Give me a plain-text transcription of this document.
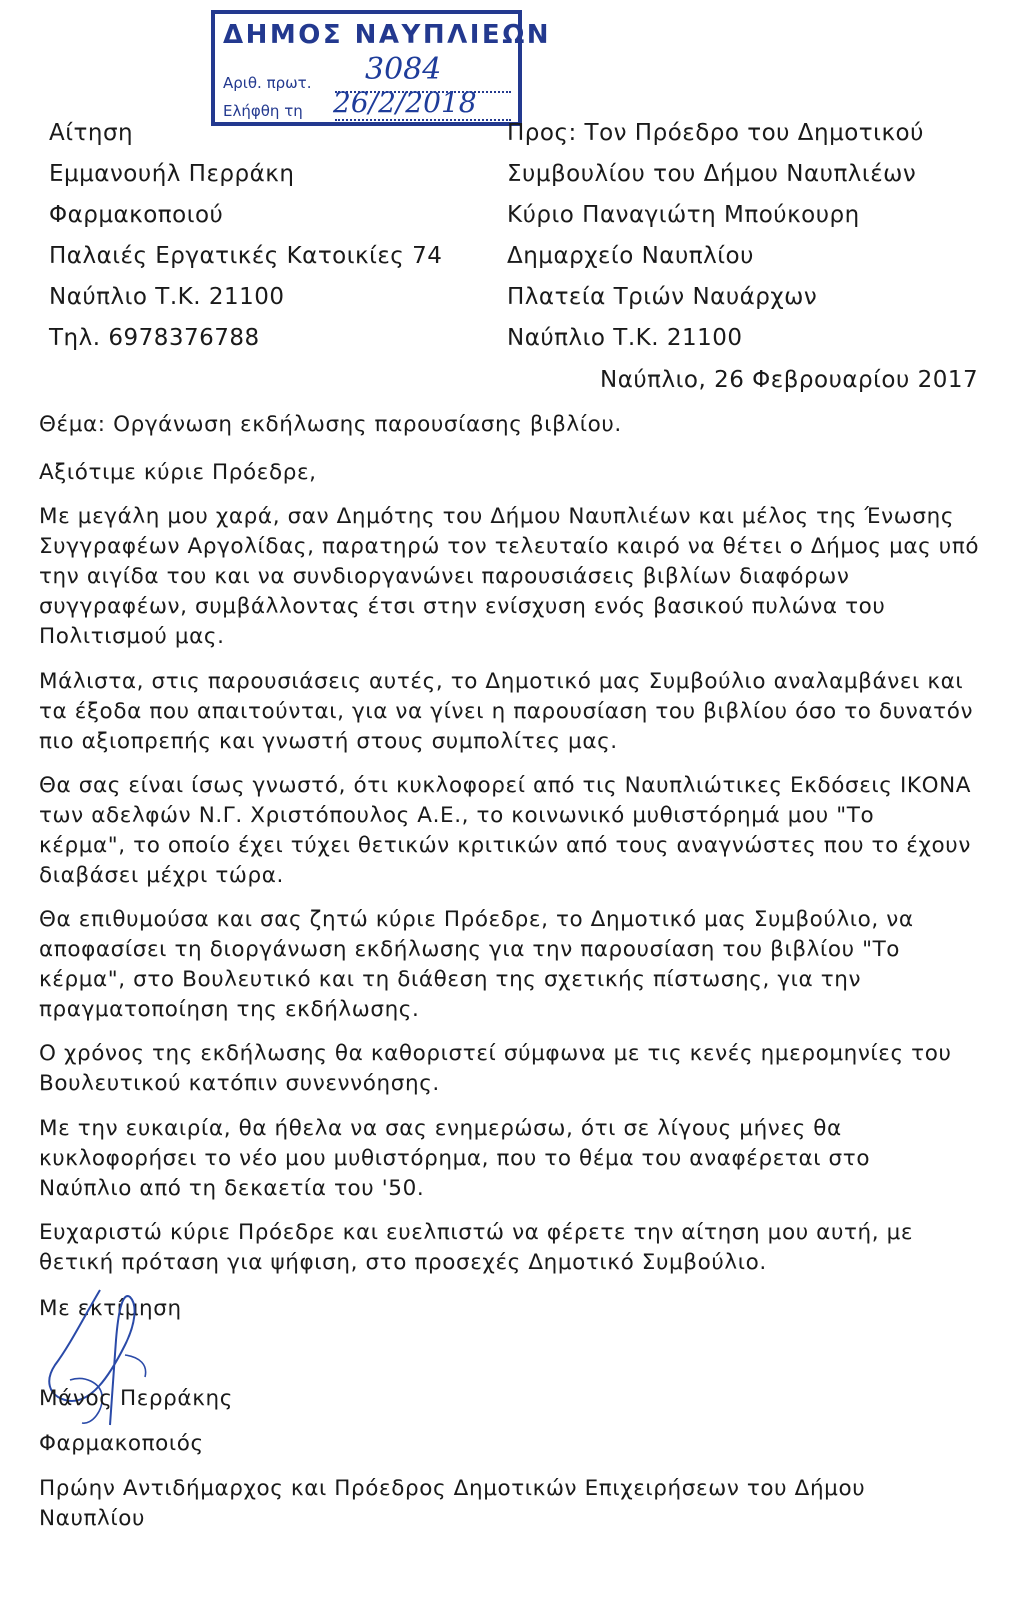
ΔΗΜΟΣ ΝΑΥΠΛΙΕΩΝ
Αριθ. πρωτ. 3084
Ελήφθη τη 26/2/2018
Αίτηση
Εμμανουήλ Περράκη
Φαρμακοποιού
Παλαιές Εργατικές Κατοικίες 74
Ναύπλιο Τ.Κ. 21100
Τηλ. 6978376788
Προς: Τον Πρόεδρο του Δημοτικού
Συμβουλίου του Δήμου Ναυπλιέων
Κύριο Παναγιώτη Μπούκουρη
Δημαρχείο Ναυπλίου
Πλατεία Τριών Ναυάρχων
Ναύπλιο Τ.Κ. 21100
Ναύπλιο, 26 Φεβρουαρίου 2017
Θέμα: Οργάνωση εκδήλωσης παρουσίασης βιβλίου.
Αξιότιμε κύριε Πρόεδρε,
Με μεγάλη μου χαρά, σαν Δημότης του Δήμου Ναυπλιέων και μέλος της Ένωσης
Συγγραφέων Αργολίδας, παρατηρώ τον τελευταίο καιρό να θέτει ο Δήμος μας υπό
την αιγίδα του και να συνδιοργανώνει παρουσιάσεις βιβλίων διαφόρων
συγγραφέων, συμβάλλοντας έτσι στην ενίσχυση ενός βασικού πυλώνα του
Πολιτισμού μας.
Μάλιστα, στις παρουσιάσεις αυτές, το Δημοτικό μας Συμβούλιο αναλαμβάνει και
τα έξοδα που απαιτούνται, για να γίνει η παρουσίαση του βιβλίου όσο το δυνατόν
πιο αξιοπρεπής και γνωστή στους συμπολίτες μας.
Θα σας είναι ίσως γνωστό, ότι κυκλοφορεί από τις Ναυπλιώτικες Εκδόσεις ΙΚΟΝΑ
των αδελφών Ν.Γ. Χριστόπουλος Α.Ε., το κοινωνικό μυθιστόρημά μου "Το
κέρμα", το οποίο έχει τύχει θετικών κριτικών από τους αναγνώστες που το έχουν
διαβάσει μέχρι τώρα.
Θα επιθυμούσα και σας ζητώ κύριε Πρόεδρε, το Δημοτικό μας Συμβούλιο, να
αποφασίσει τη διοργάνωση εκδήλωσης για την παρουσίαση του βιβλίου "Το
κέρμα", στο Βουλευτικό και τη διάθεση της σχετικής πίστωσης, για την
πραγματοποίηση της εκδήλωσης.
Ο χρόνος της εκδήλωσης θα καθοριστεί σύμφωνα με τις κενές ημερομηνίες του
Βουλευτικού κατόπιν συνεννόησης.
Με την ευκαιρία, θα ήθελα να σας ενημερώσω, ότι σε λίγους μήνες θα
κυκλοφορήσει το νέο μου μυθιστόρημα, που το θέμα του αναφέρεται στο
Ναύπλιο από τη δεκαετία του '50.
Ευχαριστώ κύριε Πρόεδρε και ευελπιστώ να φέρετε την αίτηση μου αυτή, με
θετική πρόταση για ψήφιση, στο προσεχές Δημοτικό Συμβούλιο.
Με εκτίμηση
Μάνος Περράκης
Φαρμακοποιός
Πρώην Αντιδήμαρχος και Πρόεδρος Δημοτικών Επιχειρήσεων του Δήμου
Ναυπλίου
